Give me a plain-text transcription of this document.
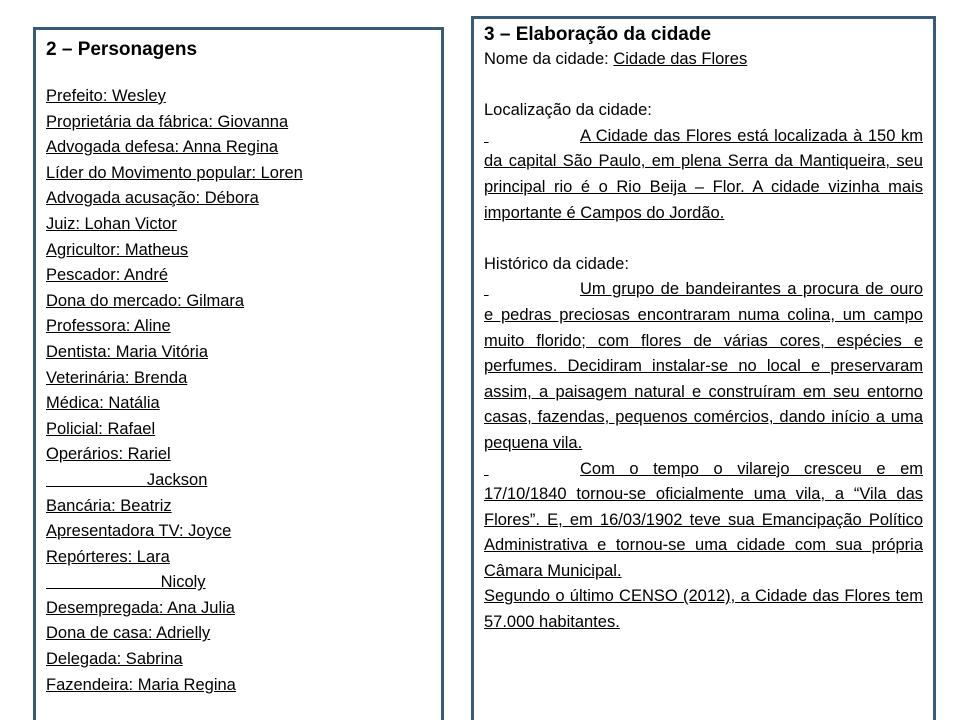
2 – Personagens
Prefeito: Wesley
Proprietária da fábrica: Giovanna
Advogada defesa: Anna Regina
Líder do Movimento popular: Loren
Advogada acusação: Débora
Juiz: Lohan Victor
Agricultor: Matheus
Pescador: André
Dona do mercado: Gilmara
Professora: Aline
Dentista: Maria Vitória
Veterinária: Brenda
Médica: Natália
Policial: Rafael
Operários: Rariel
Jackson
Bancária: Beatriz
Apresentadora TV: Joyce
Repórteres: Lara
Nicoly
Desempregada: Ana Julia
Dona de casa: Adrielly
Delegada: Sabrina
Fazendeira: Maria Regina
3 – Elaboração da cidade
Nome da cidade: Cidade das Flores
Localização da cidade:
A Cidade das Flores está localizada à 150 km da capital São Paulo, em plena Serra da Mantiqueira, seu principal rio é o Rio Beija – Flor. A cidade vizinha mais importante é Campos do Jordão.
Histórico da cidade:
Um grupo de bandeirantes a procura de ouro e pedras preciosas encontraram numa colina, um campo muito florido; com flores de várias cores, espécies e perfumes. Decidiram instalar-se no local e preservaram assim, a paisagem natural e construíram em seu entorno casas, fazendas, pequenos comércios, dando início a uma pequena vila.
Com o tempo o vilarejo cresceu e em 17/10/1840 tornou-se oficialmente uma vila, a “Vila das Flores”. E, em 16/03/1902 teve sua Emancipação Político Administrativa e tornou-se uma cidade com sua própria Câmara Municipal.
Segundo o último CENSO (2012), a Cidade das Flores tem 57.000 habitantes.
